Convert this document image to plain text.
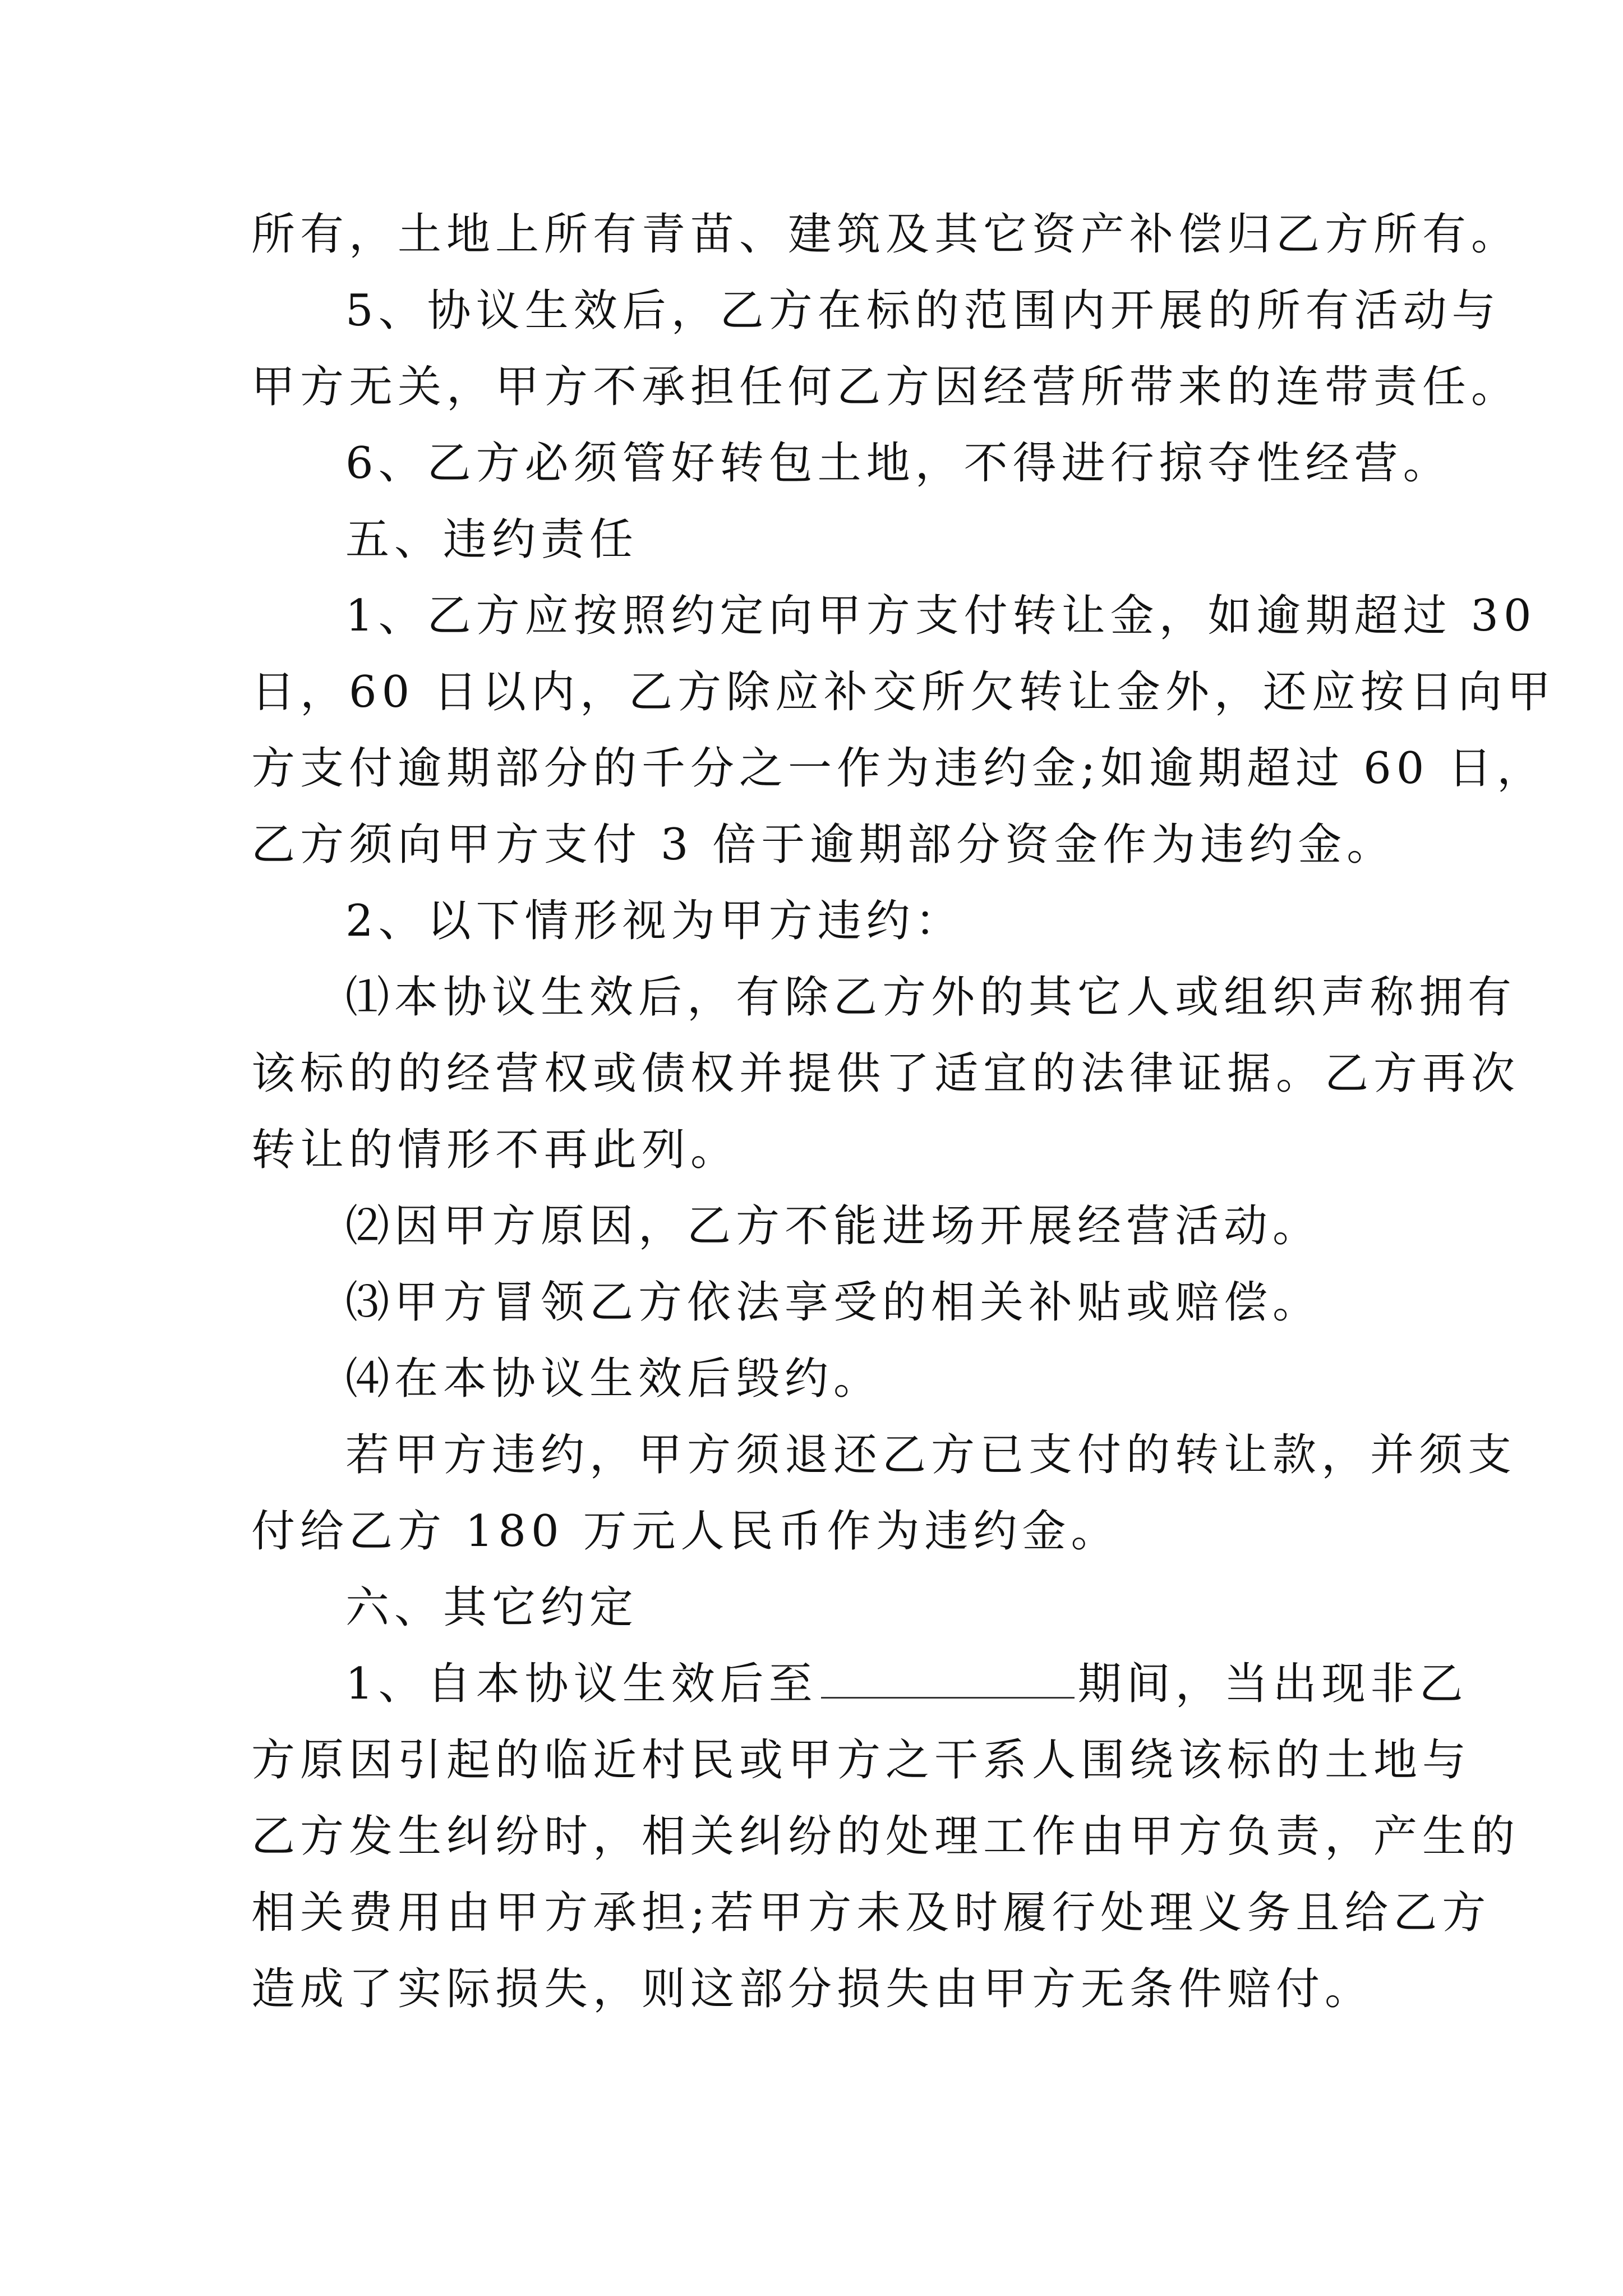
所有，土地上所有青苗、建筑及其它资产补偿归乙方所有。
5、协议生效后，乙方在标的范围内开展的所有活动与
甲方无关，甲方不承担任何乙方因经营所带来的连带责任。
6、乙方必须管好转包土地，不得进行掠夺性经营。
五、违约责任
1、乙方应按照约定向甲方支付转让金，如逾期超过 30
日，60 日以内，乙方除应补交所欠转让金外，还应按日向甲
方支付逾期部分的千分之一作为违约金;如逾期超过 60 日，
乙方须向甲方支付 3 倍于逾期部分资金作为违约金。
2、以下情形视为甲方违约：
⑴本协议生效后，有除乙方外的其它人或组织声称拥有
该标的的经营权或债权并提供了适宜的法律证据。乙方再次
转让的情形不再此列。
⑵因甲方原因，乙方不能进场开展经营活动。
⑶甲方冒领乙方依法享受的相关补贴或赔偿。
⑷在本协议生效后毁约。
若甲方违约，甲方须退还乙方已支付的转让款，并须支
付给乙方 180 万元人民币作为违约金。
六、其它约定
1、自本协议生效后至	期间，当出现非乙
方原因引起的临近村民或甲方之干系人围绕该标的土地与
乙方发生纠纷时，相关纠纷的处理工作由甲方负责，产生的
相关费用由甲方承担;若甲方未及时履行处理义务且给乙方
造成了实际损失，则这部分损失由甲方无条件赔付。
